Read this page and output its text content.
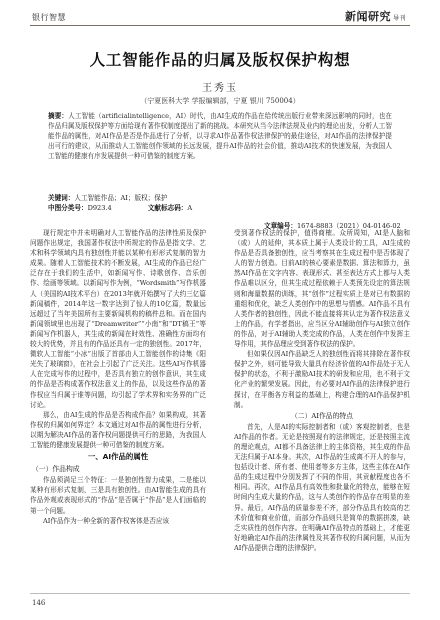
银行智慧	新闻研究 导刊
人工智能作品的归属及版权保护构想
王秀玉
（宁夏医科大学 学报编辑部，宁夏 银川 750004）
摘要：人工智能（artificialintelligence，AI）时代，由AI生成的作品在给传统出版行业带来深远影响的同时，也在作品归属及版权保护等方面给现有著作权制度提出了新的挑战。本研究从当今法律法规及业内的理论出发，分析人工智能作品的属性，对AI作品是否是作品进行了分析，以寻求AI作品著作权法律保护的最佳途径，对AI作品的法律保护提出可行的建议，从而推动人工智能创作领域的长远发展，提升AI作品的社会价值，推动AI技术的快速发展，为我国人工智能的健康有序发展提供一种可借鉴的制度方案。
关键词：人工智能作品；AI；版权；保护
中图分类号：D923.4	文献标志码：A
文章编号：1674-8883（2021）04-0146-02

现行规定中并未明确对人工智能作品的法律性质及保护问题作出规定，我国著作权法中所规定的作品是指文学、艺术和科学领域内具有独创性并能以某种有形形式复制的智力成果。随着人工智能技术的不断发展，AI生成的作品已经广泛存在于我们的生活中，如新闻写作、诗歌创作、音乐创作、绘画等领域。以新闻写作为例，“Wordsmith”写作机器人（美国的AI技术平台）在2013年就开始撰写了大约三亿篇新闻稿件，2014年这一数字达到了惊人的10亿篇，数量远远超过了当年美国所有主要新闻机构的稿件总和。而在国内新闻领域里也出现了“Dreamwriter”“小南”和“DT稿王”等新闻写作机器人，其生成的新闻在时效性、准确性方面均有较大的优势，并且有的作品还具有一定的独创性。2017年，微软人工智能“小冰”出版了首部由人工智能创作的诗集《阳光失了玻璃窗》，在社会上引起了广泛关注。这些AI写作机器人在完成写作的过程中，是否具有独立的创作意识，其生成的作品是否构成著作权法意义上的作品，以及这些作品的著作权应当归属于谁等问题，均引起了学术界和实务界的广泛讨论。

那么，由AI生成的作品是否构成作品？如果构成，其著作权的归属如何界定？本文通过对AI作品的属性进行分析，以期为解决AI作品的著作权问题提供可行的思路，为我国人工智能的健康发展提供一种可借鉴的制度方案。

一、AI作品的属性

（一）作品构成

作品须满足三个特征：一是独创性智力成果，二是能以某种有形形式复制，三是具有独创性。由AI智能生成的具有作品外观或表现形式的“作品”是否属于“作品”是人们面临的第一个问题。

AI作品作为一种全新的著作权客体是否应该

受到著作权法的保护，值得商榷。众所周知，AI是人脑和（或）人的延伸，其本质上属于人类设计的工具，AI生成的作品是否具备独创性，应当考察其在生成过程中是否体现了人的智力创造。目前AI的核心要素是数据、算法和算力，虽然AI作品在文字内容、表现形式、甚至表达方式上都与人类作品难以区分，但其生成过程依赖于人类预先设定的算法规则和海量数据的训练，其“创作”过程实质上是对已有数据的重组和优化，缺乏人类创作中的思想与情感。AI作品不具有人类作者的独创性，因此不能直接将其认定为著作权法意义上的作品，有学者指出，应当区分AI辅助创作与AI独立创作的作品，对于AI辅助人类完成的作品，人类在创作中发挥主导作用，其作品理应受到著作权法的保护。

但如果仅因AI作品缺乏人的独创性而将其排除在著作权保护之外，则可能导致大量具有经济价值的AI作品处于无人保护的状态，不利于激励AI技术的研发和应用，也不利于文化产业的繁荣发展。因此，有必要对AI作品的法律保护进行探讨，在平衡各方利益的基础上，构建合理的AI作品保护机制。

（二）AI作品的特点

首先，人是AI的实际控制者和（或）客观控制者，也是AI作品的作者。无论是按照现有的法律规定，还是按照主流的理论观点，AI都不具备法律上的主体资格，其生成的作品无法归属于AI本身。其次，AI作品的生成离不开人的参与，包括设计者、所有者、使用者等多方主体，这些主体在AI作品的生成过程中分别发挥了不同的作用，其贡献程度也各不相同。再次，AI作品具有高效性和批量化的特点，能够在短时间内生成大量的作品，这与人类创作的作品存在明显的差异。最后，AI作品的质量参差不齐，部分作品具有较高的艺术价值和商业价值，而部分作品则只是简单的数据拼凑，缺乏实质性的创作内容。在明确AI作品特点的基础上，才能更好地确定AI作品的法律属性及其著作权的归属问题，从而为AI作品提供合理的法律保护。

146
